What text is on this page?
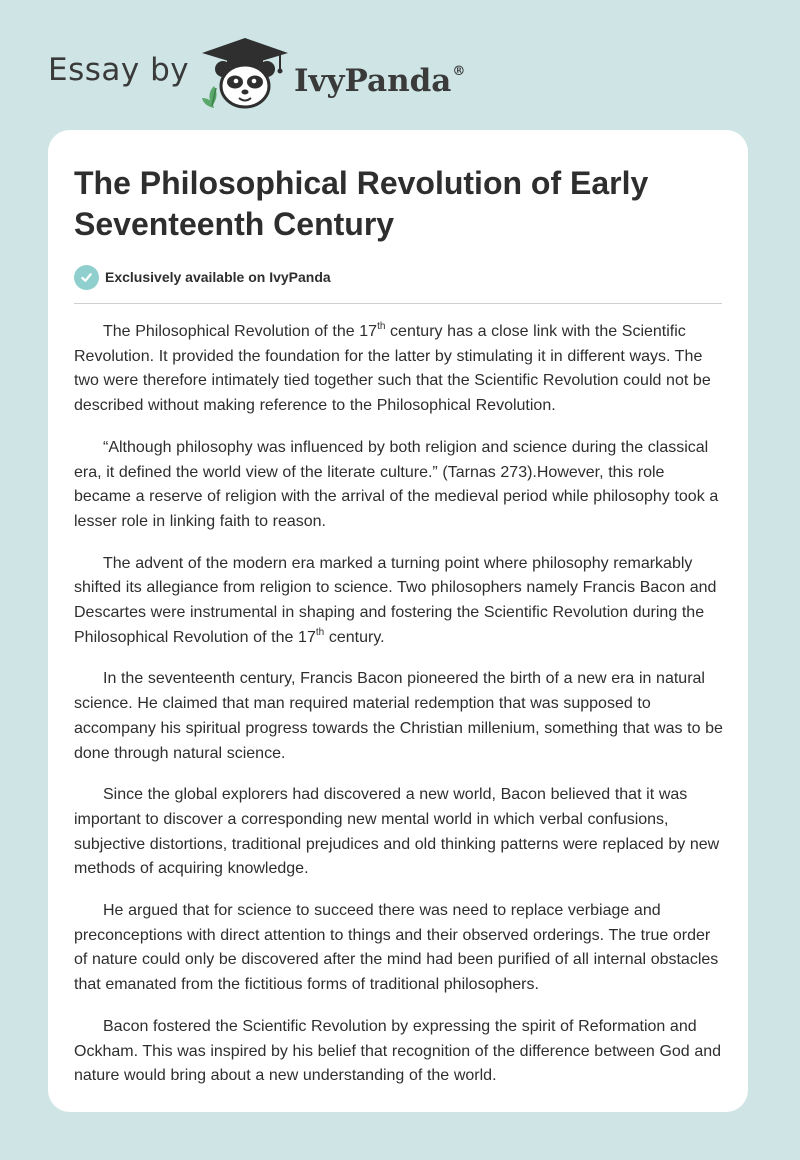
Essay by	IvyPanda®
The Philosophical Revolution of Early Seventeenth Century
Exclusively available on IvyPanda

The Philosophical Revolution of the 17th century has a close link with the Scientific Revolution. It provided the foundation for the latter by stimulating it in different ways. The two were therefore intimately tied together such that the Scientific Revolution could not be described without making reference to the Philosophical Revolution.

“Although philosophy was influenced by both religion and science during the classical era, it defined the world view of the literate culture.” (Tarnas 273).However, this role became a reserve of religion with the arrival of the medieval period while philosophy took a lesser role in linking faith to reason.

The advent of the modern era marked a turning point where philosophy remarkably shifted its allegiance from religion to science. Two philosophers namely Francis Bacon and Descartes were instrumental in shaping and fostering the Scientific Revolution during the Philosophical Revolution of the 17th century.

In the seventeenth century, Francis Bacon pioneered the birth of a new era in natural science. He claimed that man required material redemption that was supposed to accompany his spiritual progress towards the Christian millenium, something that was to be done through natural science.

Since the global explorers had discovered a new world, Bacon believed that it was important to discover a corresponding new mental world in which verbal confusions, subjective distortions, traditional prejudices and old thinking patterns were replaced by new methods of acquiring knowledge.

He argued that for science to succeed there was need to replace verbiage and preconceptions with direct attention to things and their observed orderings. The true order of nature could only be discovered after the mind had been purified of all internal obstacles that emanated from the fictitious forms of traditional philosophers.

Bacon fostered the Scientific Revolution by expressing the spirit of Reformation and Ockham. This was inspired by his belief that recognition of the difference between God and nature would bring about a new understanding of the world.
